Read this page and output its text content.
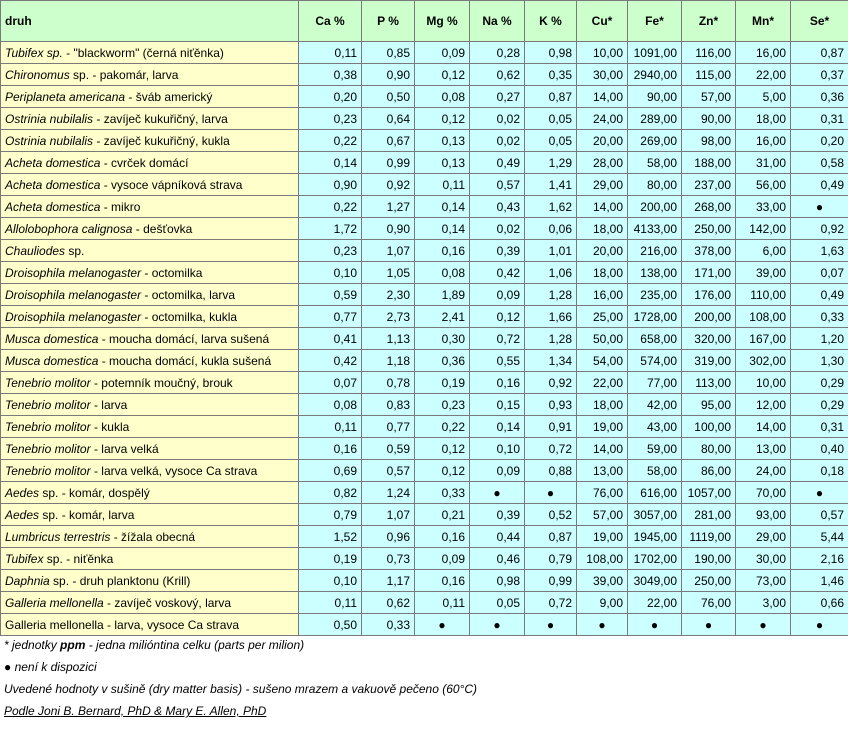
druh	Ca %	P %	Mg %	Na %	K %	Cu*	Fe*	Zn*	Mn*	Se*
Tubifex sp. - "blackworm" (černá niťěnka)	0,11	0,85	0,09	0,28	0,98	10,00	1091,00	116,00	16,00	0,87
Chironomus sp. - pakomár, larva	0,38	0,90	0,12	0,62	0,35	30,00	2940,00	115,00	22,00	0,37
Periplaneta americana - šváb americký	0,20	0,50	0,08	0,27	0,87	14,00	90,00	57,00	5,00	0,36
Ostrinia nubilalis - zavíječ kukuřičný, larva	0,23	0,64	0,12	0,02	0,05	24,00	289,00	90,00	18,00	0,31
Ostrinia nubilalis - zavíječ kukuřičný, kukla	0,22	0,67	0,13	0,02	0,05	20,00	269,00	98,00	16,00	0,20
Acheta domestica - cvrček domácí	0,14	0,99	0,13	0,49	1,29	28,00	58,00	188,00	31,00	0,58
Acheta domestica - vysoce vápníková strava	0,90	0,92	0,11	0,57	1,41	29,00	80,00	237,00	56,00	0,49
Acheta domestica - mikro	0,22	1,27	0,14	0,43	1,62	14,00	200,00	268,00	33,00	●
Allolobophora calignosa - dešťovka	1,72	0,90	0,14	0,02	0,06	18,00	4133,00	250,00	142,00	0,92
Chauliodes sp.	0,23	1,07	0,16	0,39	1,01	20,00	216,00	378,00	6,00	1,63
Droisophila melanogaster - octomilka	0,10	1,05	0,08	0,42	1,06	18,00	138,00	171,00	39,00	0,07
Droisophila melanogaster - octomilka, larva	0,59	2,30	1,89	0,09	1,28	16,00	235,00	176,00	110,00	0,49
Droisophila melanogaster - octomilka, kukla	0,77	2,73	2,41	0,12	1,66	25,00	1728,00	200,00	108,00	0,33
Musca domestica - moucha domácí, larva sušená	0,41	1,13	0,30	0,72	1,28	50,00	658,00	320,00	167,00	1,20
Musca domestica - moucha domácí, kukla sušená	0,42	1,18	0,36	0,55	1,34	54,00	574,00	319,00	302,00	1,30
Tenebrio molitor - potemník moučný, brouk	0,07	0,78	0,19	0,16	0,92	22,00	77,00	113,00	10,00	0,29
Tenebrio molitor - larva	0,08	0,83	0,23	0,15	0,93	18,00	42,00	95,00	12,00	0,29
Tenebrio molitor - kukla	0,11	0,77	0,22	0,14	0,91	19,00	43,00	100,00	14,00	0,31
Tenebrio molitor - larva velká	0,16	0,59	0,12	0,10	0,72	14,00	59,00	80,00	13,00	0,40
Tenebrio molitor - larva velká, vysoce Ca strava	0,69	0,57	0,12	0,09	0,88	13,00	58,00	86,00	24,00	0,18
Aedes sp. - komár, dospělý	0,82	1,24	0,33	●	●	76,00	616,00	1057,00	70,00	●
Aedes sp. - komár, larva	0,79	1,07	0,21	0,39	0,52	57,00	3057,00	281,00	93,00	0,57
Lumbricus terrestris - žížala obecná	1,52	0,96	0,16	0,44	0,87	19,00	1945,00	1119,00	29,00	5,44
Tubifex sp. - niťěnka	0,19	0,73	0,09	0,46	0,79	108,00	1702,00	190,00	30,00	2,16
Daphnia sp. - druh planktonu (Krill)	0,10	1,17	0,16	0,98	0,99	39,00	3049,00	250,00	73,00	1,46
Galleria mellonella - zavíječ voskový, larva	0,11	0,62	0,11	0,05	0,72	9,00	22,00	76,00	3,00	0,66
Galleria mellonella - larva, vysoce Ca strava	0,50	0,33	●	●	●	●	●	●	●	●
* jednotky ppm - jedna milióntina celku (parts per milion)
● není k dispozici
Uvedené hodnoty v sušině (dry matter basis) - sušeno mrazem a vakuově pečeno (60°C)
Podle Joni B. Bernard, PhD & Mary E. Allen, PhD
